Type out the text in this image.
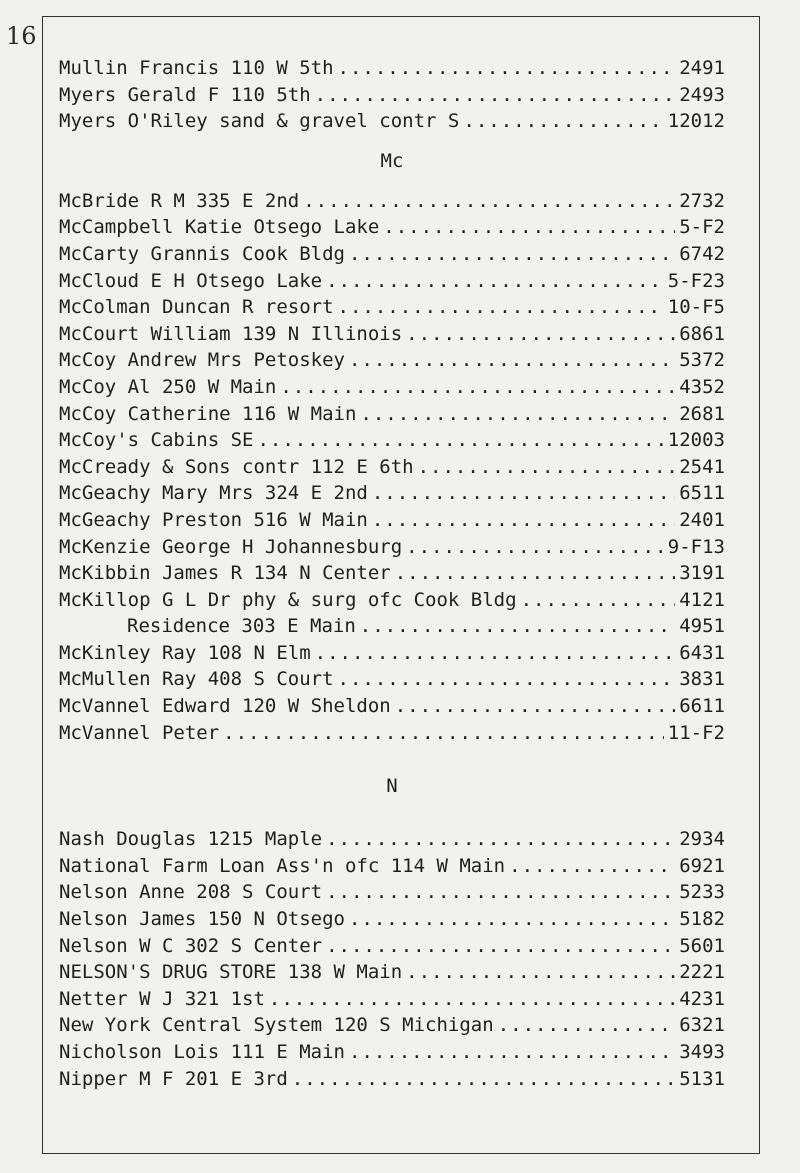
16
Mullin Francis 110 W 5th .....	2491
Myers Gerald F 110 5th .....	2493
Myers O'Riley sand & gravel contr S .....	12012
Mc
McBride R M 335 E 2nd .....	2732
McCampbell Katie Otsego Lake .....	5-F2
McCarty Grannis Cook Bldg .....	6742
McCloud E H Otsego Lake .....	5-F23
McColman Duncan R resort .....	10-F5
McCourt William 139 N Illinois .....	6861
McCoy Andrew Mrs Petoskey .....	5372
McCoy Al 250 W Main .....	4352
McCoy Catherine 116 W Main .....	2681
McCoy's Cabins SE .....	12003
McCready & Sons contr 112 E 6th .....	2541
McGeachy Mary Mrs 324 E 2nd .....	6511
McGeachy Preston 516 W Main .....	2401
McKenzie George H Johannesburg .....	9-F13
McKibbin James R 134 N Center .....	3191
McKillop G L Dr phy & surg ofc Cook Bldg .....	4121
Residence 303 E Main .....	4951
McKinley Ray 108 N Elm .....	6431
McMullen Ray 408 S Court .....	3831
McVannel Edward 120 W Sheldon .....	6611
McVannel Peter .....	11-F2
N
Nash Douglas 1215 Maple .....	2934
National Farm Loan Ass'n ofc 114 W Main .....	6921
Nelson Anne 208 S Court .....	5233
Nelson James 150 N Otsego .....	5182
Nelson W C 302 S Center .....	5601
NELSON'S DRUG STORE 138 W Main .....	2221
Netter W J 321 1st .....	4231
New York Central System 120 S Michigan .....	6321
Nicholson Lois 111 E Main .....	3493
Nipper M F 201 E 3rd .....	5131
